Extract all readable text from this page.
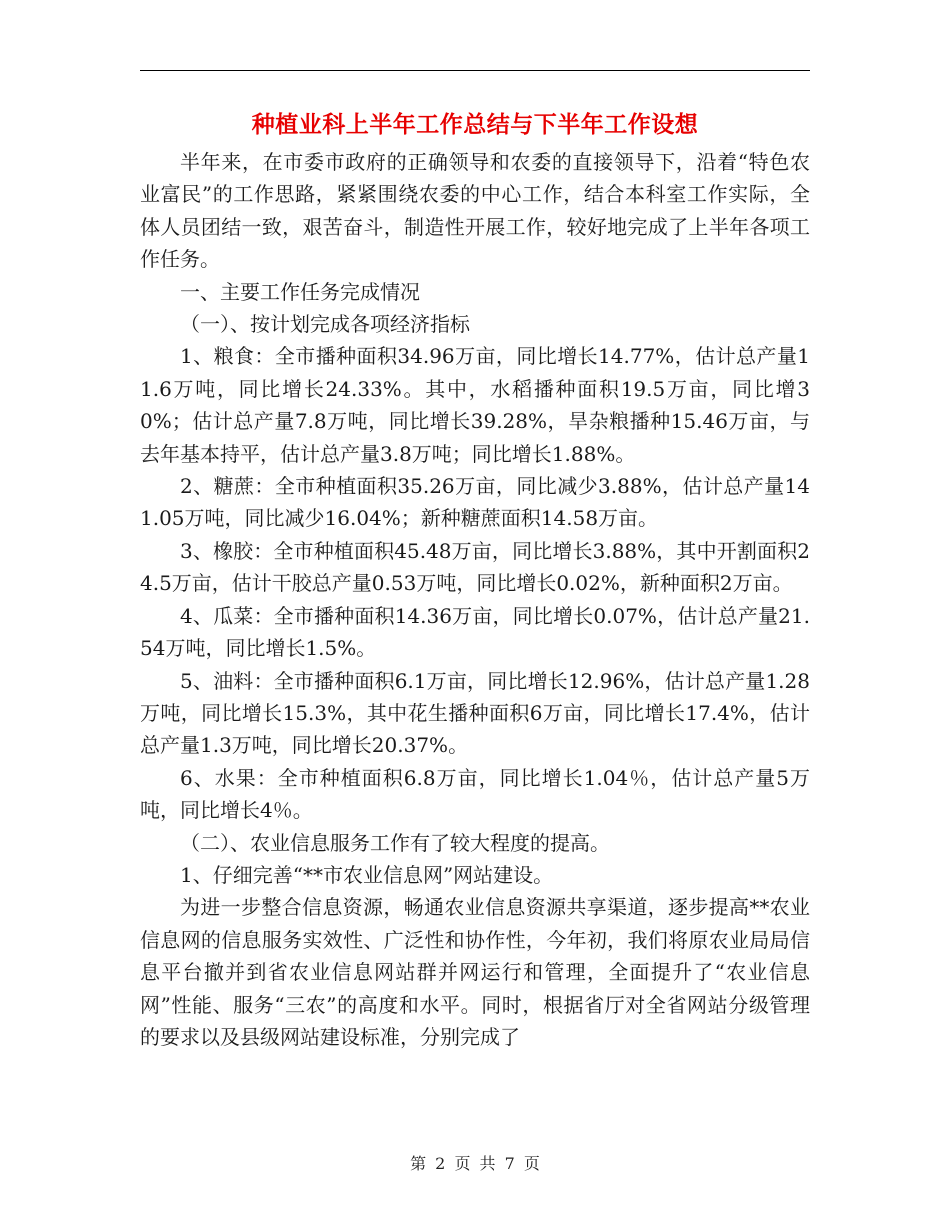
种植业科上半年工作总结与下半年工作设想

半年来，在市委市政府的正确领导和农委的直接领导下，沿着“特色农业富民”的工作思路，紧紧围绕农委的中心工作，结合本科室工作实际，全体人员团结一致，艰苦奋斗，制造性开展工作，较好地完成了上半年各项工作任务。

一、主要工作任务完成情况

（一）、按计划完成各项经济指标

1、粮食：全市播种面积34.96万亩，同比增长14.77%，估计总产量11.6万吨，同比增长24.33%。其中，水稻播种面积19.5万亩，同比增30%；估计总产量7.8万吨，同比增长39.28%，旱杂粮播种15.46万亩，与去年基本持平，估计总产量3.8万吨；同比增长1.88%。

2、糖蔗：全市种植面积35.26万亩，同比减少3.88%，估计总产量141.05万吨，同比减少16.04%；新种糖蔗面积14.58万亩。

3、橡胶：全市种植面积45.48万亩，同比增长3.88%，其中开割面积24.5万亩，估计干胶总产量0.53万吨，同比增长0.02%，新种面积2万亩。

4、瓜菜：全市播种面积14.36万亩，同比增长0.07%，估计总产量21.54万吨，同比增长1.5%。

5、油料：全市播种面积6.1万亩，同比增长12.96%，估计总产量1.28万吨，同比增长15.3%，其中花生播种面积6万亩，同比增长17.4%，估计总产量1.3万吨，同比增长20.37%。

6、水果：全市种植面积6.8万亩，同比增长1.04％，估计总产量5万吨，同比增长4％。

（二）、农业信息服务工作有了较大程度的提高。

1、仔细完善“**市农业信息网”网站建设。

为进一步整合信息资源，畅通农业信息资源共享渠道，逐步提高**农业信息网的信息服务实效性、广泛性和协作性，今年初，我们将原农业局局信息平台撤并到省农业信息网站群并网运行和管理，全面提升了“农业信息网”性能、服务“三农”的高度和水平。同时，根据省厅对全省网站分级管理的要求以及县级网站建设标准，分别完成了

第 2 页 共 7 页
